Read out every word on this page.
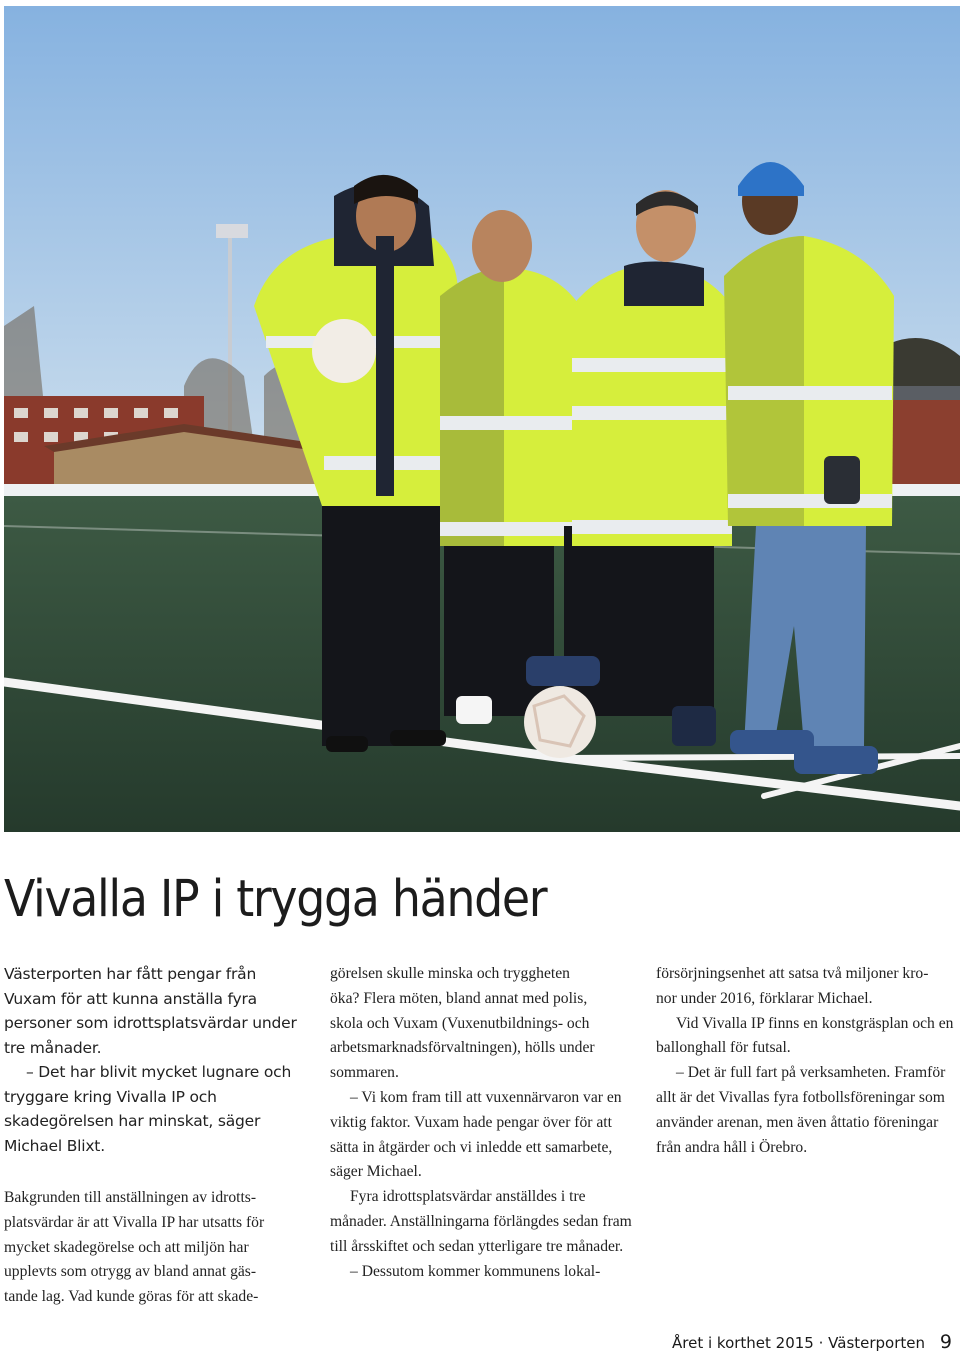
Vivalla IP i trygga händer

Västerporten har fått pengar från Vuxam för att kunna anställa fyra personer som idrottsplatsvärdar under tre månader.

– Det har blivit mycket lugnare och tryggare kring Vivalla IP och skadegörelsen har minskat, säger Michael Blixt.

Bakgrunden till anställningen av idrotts-
platsvärdar är att Vivalla IP har utsatts för
mycket skadegörelse och att miljön har
upplevts som otrygg av bland annat gäs-
tande lag. Vad kunde göras för att skade-

görelsen skulle minska och tryggheten
öka? Flera möten, bland annat med polis,
skola och Vuxam (Vuxenutbildnings- och
arbetsmarknadsförvaltningen), hölls under
sommaren.

– Vi kom fram till att vuxennärvaron var en viktig faktor. Vuxam hade pengar över för att sätta in åtgärder och vi inledde ett samarbete, säger Michael.

Fyra idrottsplatsvärdar anställdes i tre månader. Anställningarna förlängdes sedan fram till årsskiftet och sedan ytterligare tre månader.

– Dessutom kommer kommunens lokal-

försörjningsenhet att satsa två miljoner kro-
nor under 2016, förklarar Michael.

Vid Vivalla IP finns en konstgräsplan och en ballonghall för futsal.

– Det är full fart på verksamheten. Framför allt är det Vivallas fyra fotbollsföreningar som använder arenan, men även åttatio föreningar från andra håll i Örebro.

Året i korthet 2015 · Västerporten 9
